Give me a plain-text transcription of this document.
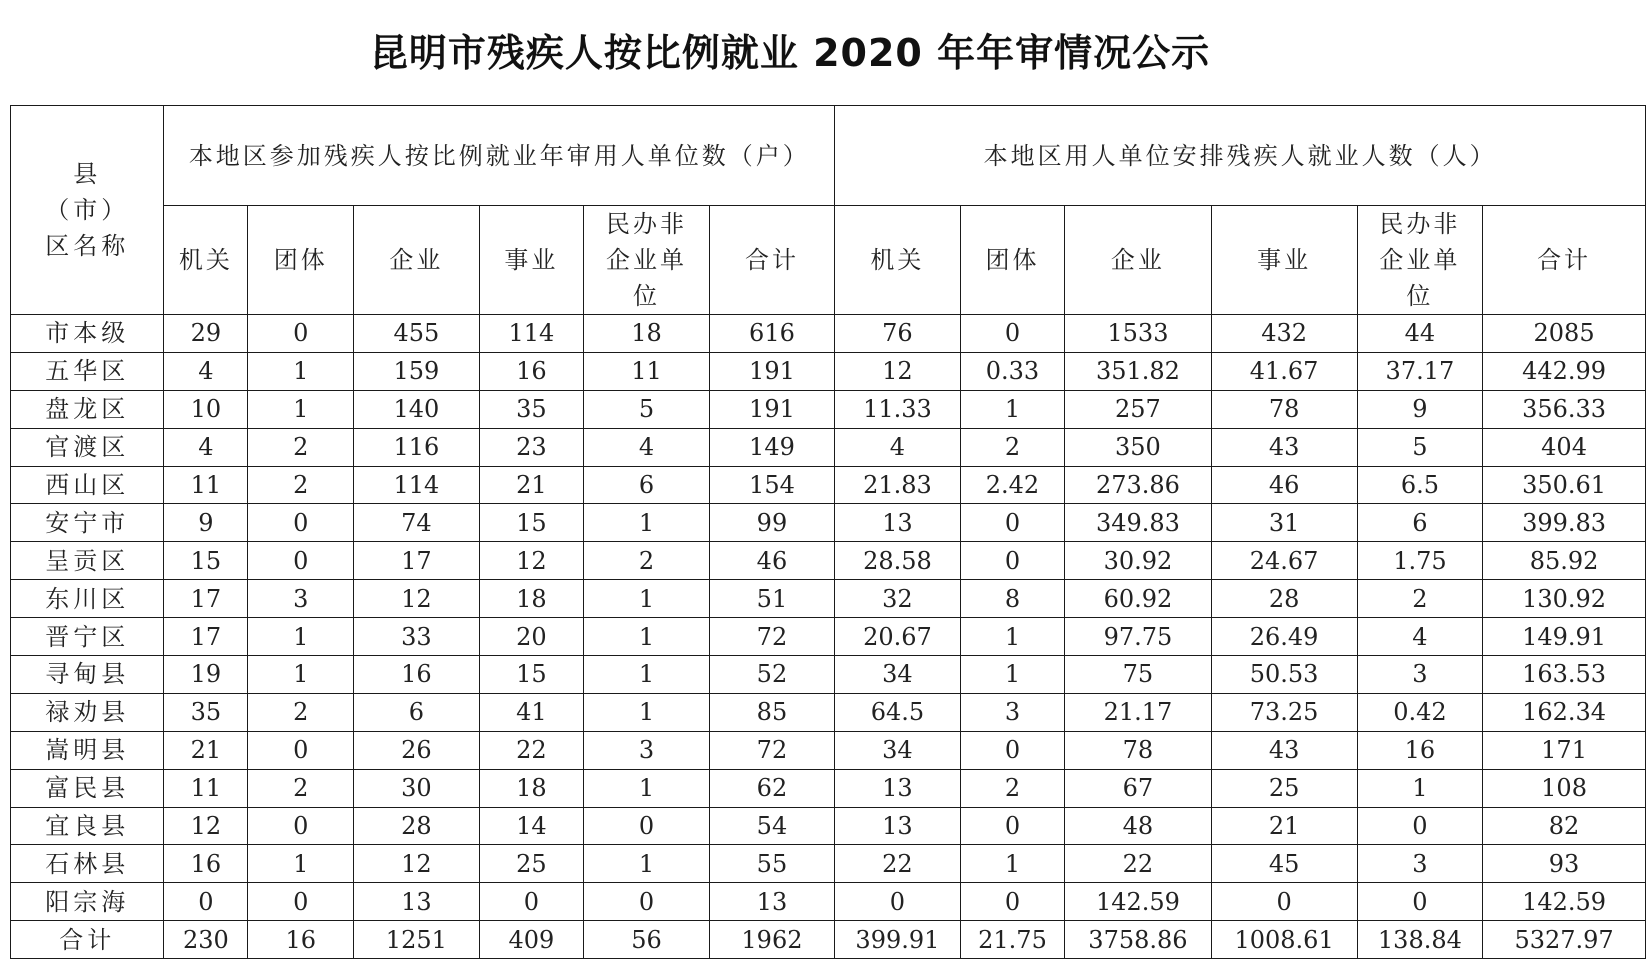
昆明市残疾人按比例就业 2020 年年审情况公示
县（市）区名称	本地区参加残疾人按比例就业年审用人单位数（户）						本地区用人单位安排残疾人就业人数（人）					
	机关	团体	企业	事业	民办非企业单位	合计	机关	团体	企业	事业	民办非企业单位	合计
市本级	29	0	455	114	18	616	76	0	1533	432	44	2085
五华区	4	1	159	16	11	191	12	0.33	351.82	41.67	37.17	442.99
盘龙区	10	1	140	35	5	191	11.33	1	257	78	9	356.33
官渡区	4	2	116	23	4	149	4	2	350	43	5	404
西山区	11	2	114	21	6	154	21.83	2.42	273.86	46	6.5	350.61
安宁市	9	0	74	15	1	99	13	0	349.83	31	6	399.83
呈贡区	15	0	17	12	2	46	28.58	0	30.92	24.67	1.75	85.92
东川区	17	3	12	18	1	51	32	8	60.92	28	2	130.92
晋宁区	17	1	33	20	1	72	20.67	1	97.75	26.49	4	149.91
寻甸县	19	1	16	15	1	52	34	1	75	50.53	3	163.53
禄劝县	35	2	6	41	1	85	64.5	3	21.17	73.25	0.42	162.34
嵩明县	21	0	26	22	3	72	34	0	78	43	16	171
富民县	11	2	30	18	1	62	13	2	67	25	1	108
宜良县	12	0	28	14	0	54	13	0	48	21	0	82
石林县	16	1	12	25	1	55	22	1	22	45	3	93
阳宗海	0	0	13	0	0	13	0	0	142.59	0	0	142.59
合计	230	16	1251	409	56	1962	399.91	21.75	3758.86	1008.61	138.84	5327.97
